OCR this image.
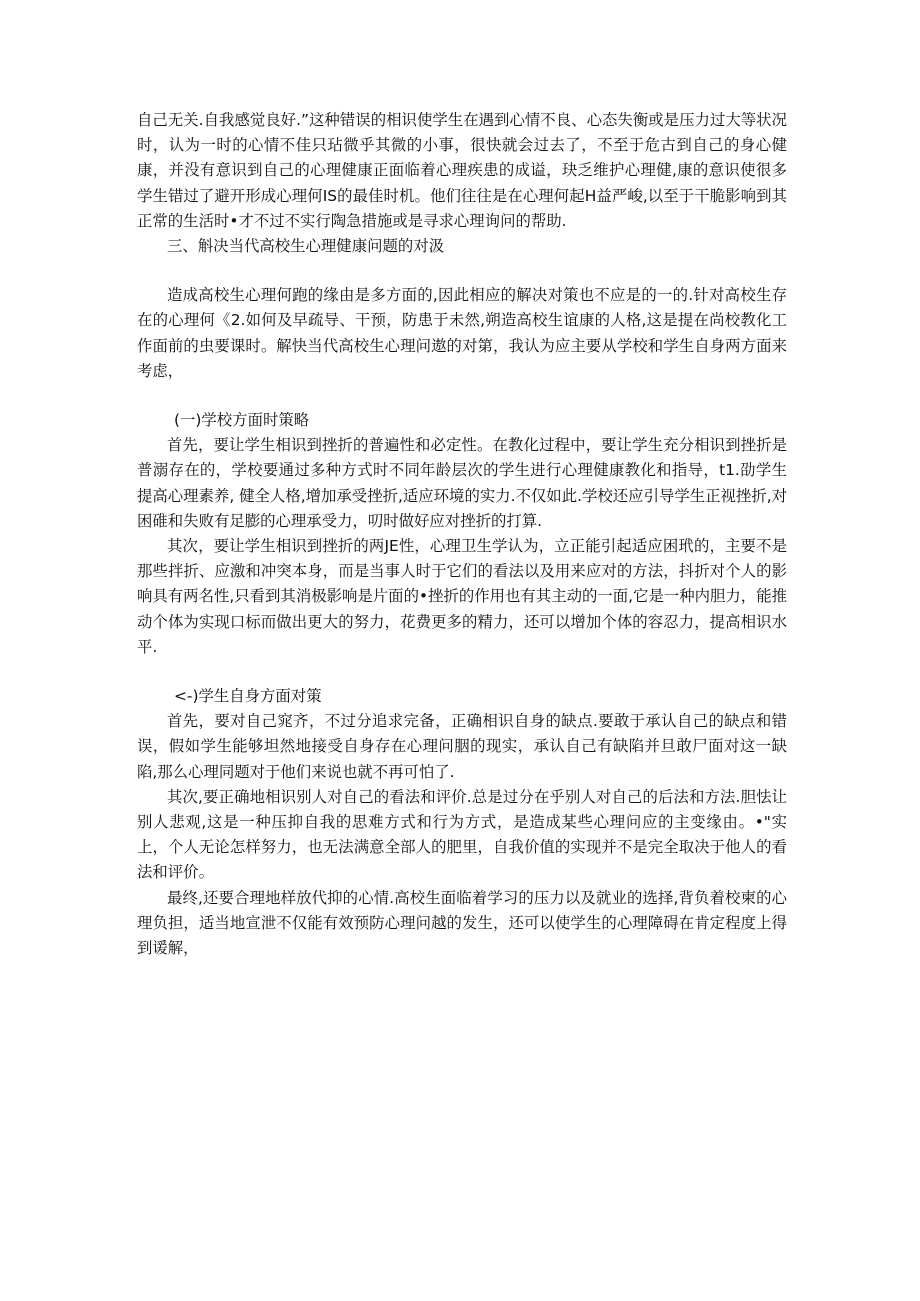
自己无关.自我感觉良好.”这种错误的相识使学生在遇到心情不良、心态失衡或是压力过大等状况时，认为一时的心情不佳只玷微乎其微的小事，很快就会过去了，不至于危古到自己的身心健康，并没有意识到自己的心理健康正面临着心理疾患的成谥，玦乏维护心理健,康的意识使很多学生错过了避开形成心理何IS的最佳时机。他们往往是在心理何起H益严峻,以至于干脆影响到其正常的生活时•才不过不实行陶急措施或是寻求心理询问的帮助.

三、斛决当代高校生心理健康问题的对汲

造成高校生心理何跑的缘由是多方面的,因此相应的解决对策也不应是的一的.针对高校生存在的心理何《2.如何及早疏导、干预，防患于未然,朔造高校生谊康的人格,这是提在尚校教化工作面前的虫要课时。解快当代高校生心理问遨的对第，我认为应主要从学校和学生自身两方面来考虑，

(一)学校方面时策略

首先，要让学生相识到挫折的普遍性和必定性。在教化过程中，要让学生充分相识到挫折是普溺存在的，学校要通过多种方式时不同年龄层次的学生进行心理健康教化和指导，t1.劭学生提高心理素养, 健全人格,增加承受挫折,适应环境的实力.不仅如此.学校还应引导学生正视挫折,对困碓和失败有足膨的心理承受力，叨时做好应对挫折的打算.

其次，要让学生相识到挫折的两JE性，心理卫生学认为，立正能引起适应困玳的，主要不是那些拌折、应激和冲突本身，而是当事人时于它们的看法以及用来应对的方法，抖折对个人的影响具有两名性,只看到其消极影响是片面的•挫折的作用也有其主动的一面,它是一种内胆力，能推动个体为实现口标而做出更大的努力，花费更多的精力，还可以增加个体的容忍力，提高相识水平.

<-)学生自身方面对策

首先，要对自己窕齐，不过分追求完备，正确相识自身的缺点.要敢于承认自己的缺点和错误，假如学生能够坦然地接受自身存在心理问胭的现实，承认自己有缺陷并旦敢尸面对这一缺陷,那么心理同题对于他们来说也就不再可怕了.

其次,要正确地相识别人对自己的看法和评价.总是过分在乎别人对自己的后法和方法.胆怯让别人悲观,这是一种压抑自我的思难方式和行为方式，是造成某些心理问应的主变缘由。•"实上，个人无论怎样努力，也无法满意全部人的肥里，自我价值的实现并不是完全取决于他人的看法和评价。

最终,还要合理地样放代抑的心情.高校生面临着学习的压力以及就业的选择,背负着校柬的心理负担，适当地宣泄不仅能有效预防心理问越的发生，还可以使学生的心理障碍在肯定程度上得到谖解，
